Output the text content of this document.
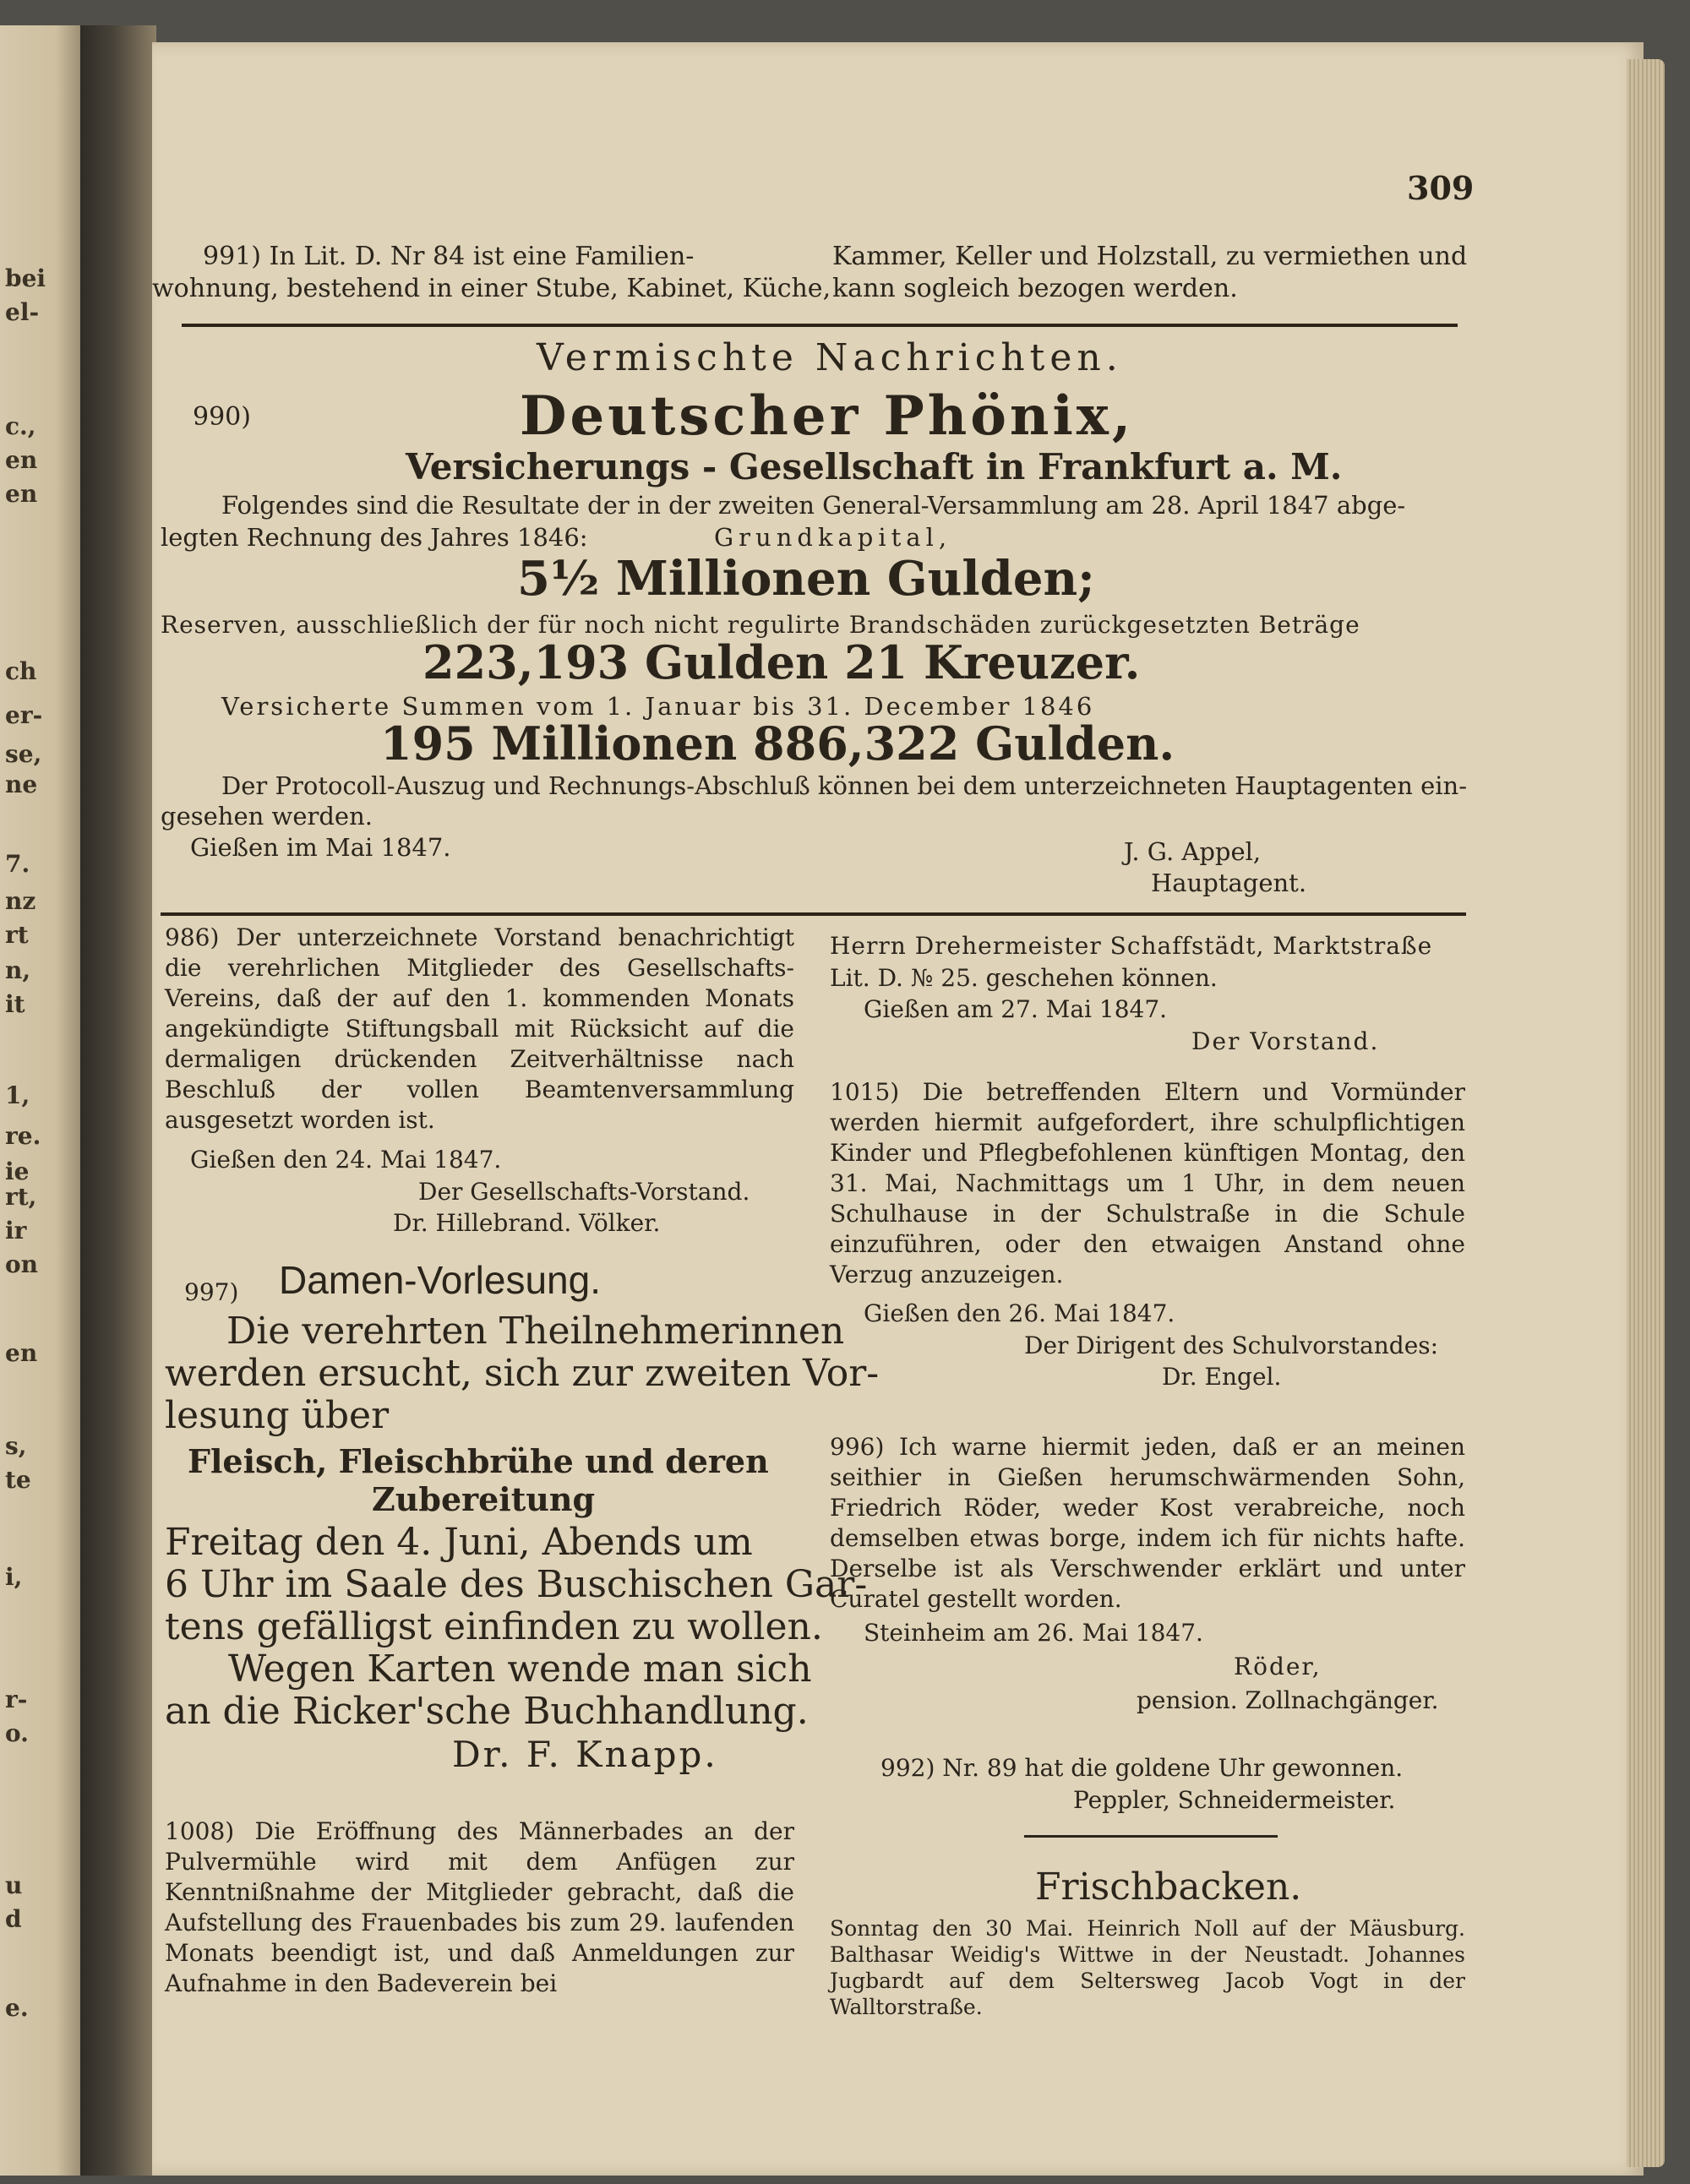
bei
el-
c.,
en
en
ch
er-
se,
ne
7.
nz
rt
n,
it
1,
re.
ie
rt,
ir
on
en
s,
te
i,
r-
o.
u
d
e.
309
991) In Lit. D. Nr 84 ist eine Familien-
wohnung, bestehend in einer Stube, Kabinet, Küche,
Kammer, Keller und Holzstall, zu vermiethen und
kann sogleich bezogen werden.
Vermischte Nachrichten.
990)	Deutscher Phönix,
Versicherungs - Gesellschaft in Frankfurt a. M.
Folgendes sind die Resultate der in der zweiten General-Versammlung am 28. April 1847 abge-
legten Rechnung des Jahres 1846:	Grundkapital,
5½ Millionen Gulden;
Reserven, ausschließlich der für noch nicht regulirte Brandschäden zurückgesetzten Beträge
223,193 Gulden 21 Kreuzer.
Versicherte Summen vom 1. Januar bis 31. December 1846
195 Millionen 886,322 Gulden.
Der Protocoll-Auszug und Rechnungs-Abschluß können bei dem unterzeichneten Hauptagenten ein-
gesehen werden.
Gießen im Mai 1847.	J. G. Appel,
Hauptagent.
986) Der unterzeichnete Vorstand benachrichtigt die verehrlichen Mitglieder des Gesellschafts-Vereins, daß der auf den 1. kommenden Monats angekündigte Stiftungsball mit Rücksicht auf die dermaligen drückenden Zeitverhältnisse nach Beschluß der vollen Beamtenversammlung ausgesetzt worden ist.
Gießen den 24. Mai 1847.
Der Gesellschafts-Vorstand.
Dr. Hillebrand. Völker.
997) Damen-Vorlesung.
Die verehrten Theilnehmerinnen
werden ersucht, sich zur zweiten Vor-
lesung über
Fleisch, Fleischbrühe und deren
Zubereitung
Freitag den 4. Juni, Abends um
6 Uhr im Saale des Buschischen Gar-
tens gefälligst einfinden zu wollen.
Wegen Karten wende man sich
an die Ricker'sche Buchhandlung.
Dr. F. Knapp.
1008) Die Eröffnung des Männerbades an der Pulvermühle wird mit dem Anfügen zur Kenntnißnahme der Mitglieder gebracht, daß die Aufstellung des Frauenbades bis zum 29. laufenden Monats beendigt ist, und daß Anmeldungen zur Aufnahme in den Badeverein bei
Herrn Drehermeister Schaffstädt, Marktstraße
Lit. D. № 25. geschehen können.
Gießen am 27. Mai 1847.
Der Vorstand.
1015) Die betreffenden Eltern und Vormünder werden hiermit aufgefordert, ihre schulpflichtigen Kinder und Pflegbefohlenen künftigen Montag, den 31. Mai, Nachmittags um 1 Uhr, in dem neuen Schulhause in der Schulstraße in die Schule einzuführen, oder den etwaigen Anstand ohne Verzug anzuzeigen.
Gießen den 26. Mai 1847.
Der Dirigent des Schulvorstandes:
Dr. Engel.
996) Ich warne hiermit jeden, daß er an meinen seithier in Gießen herumschwärmenden Sohn, Friedrich Röder, weder Kost verabreiche, noch demselben etwas borge, indem ich für nichts hafte. Derselbe ist als Verschwender erklärt und unter Curatel gestellt worden.
Steinheim am 26. Mai 1847.
Röder,
pension. Zollnachgänger.
992) Nr. 89 hat die goldene Uhr gewonnen.
Peppler, Schneidermeister.
Frischbacken.
Sonntag den 30 Mai. Heinrich Noll auf der Mäusburg. Balthasar Weidig's Wittwe in der Neustadt. Johannes Jugbardt auf dem Seltersweg Jacob Vogt in der Walltorstraße.
